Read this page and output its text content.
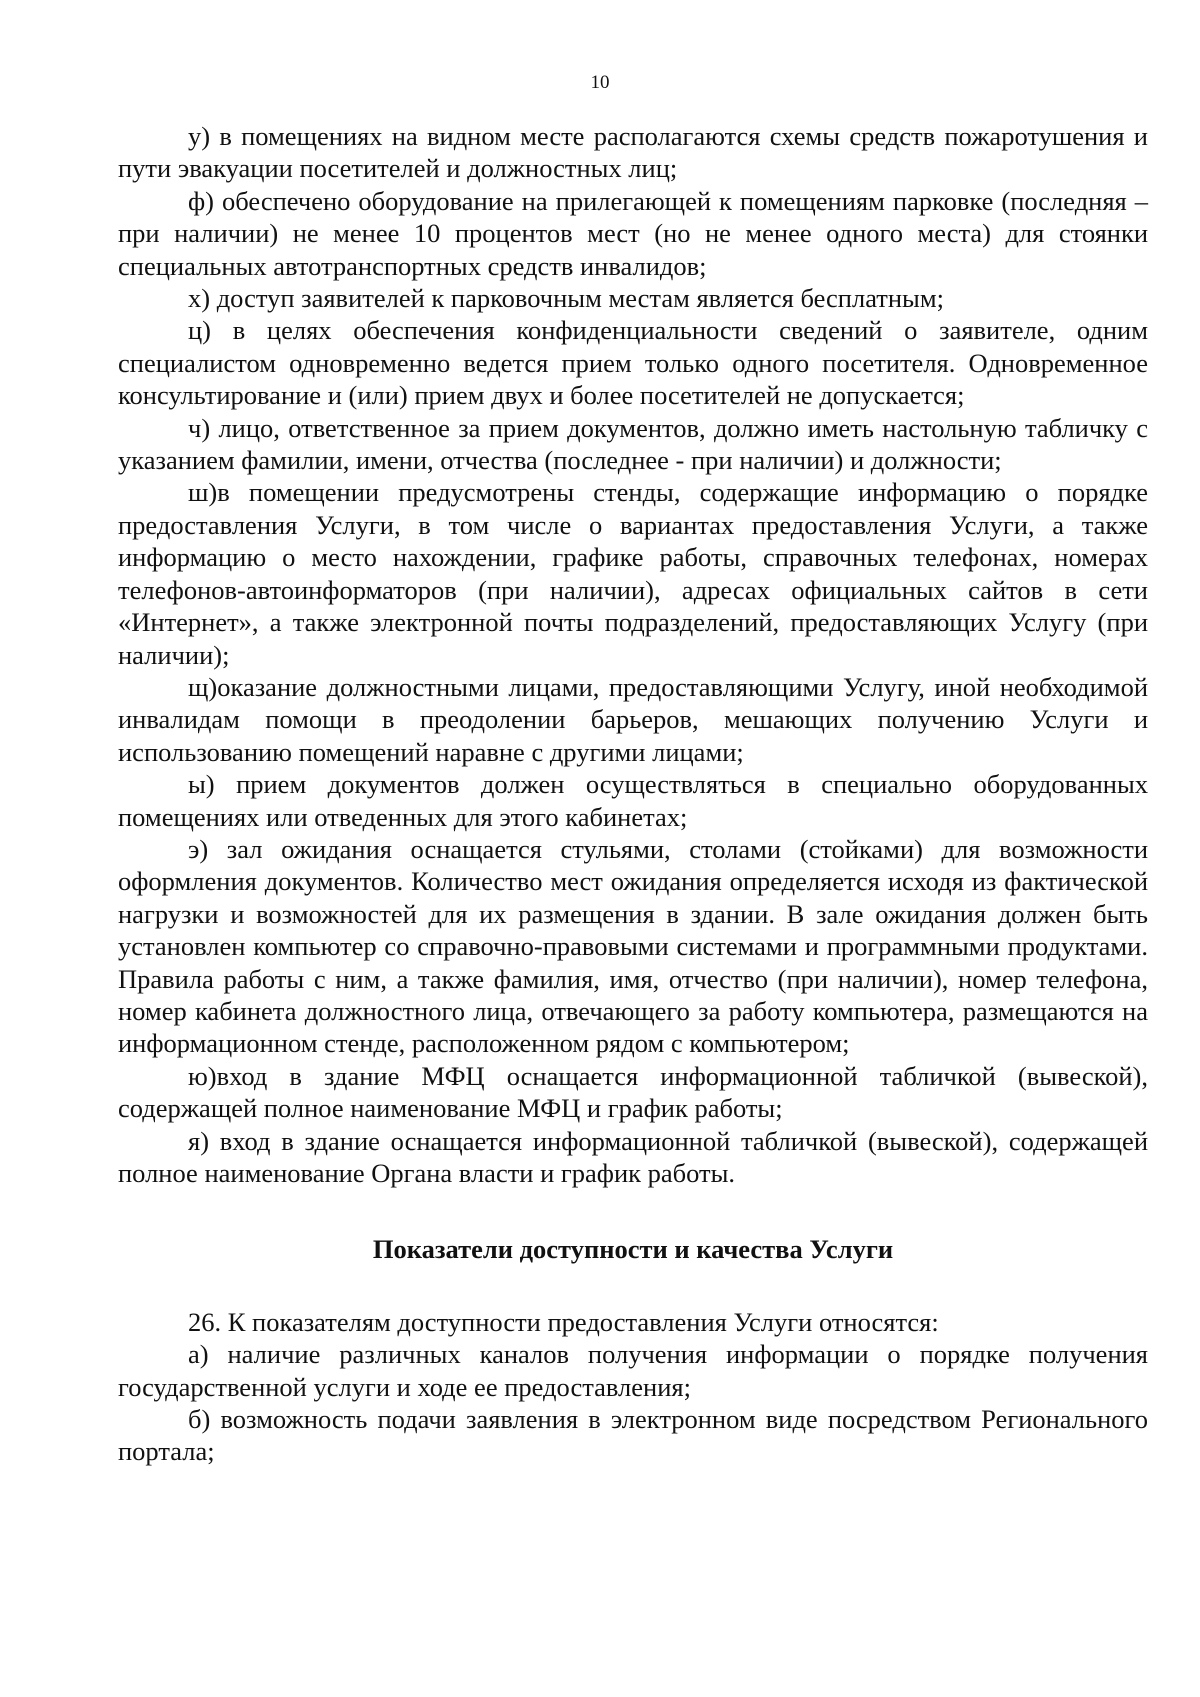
10

у) в помещениях на видном месте располагаются схемы средств пожаротушения и пути эвакуации посетителей и должностных лиц;

ф) обеспечено оборудование на прилегающей к помещениям парковке (последняя – при наличии) не менее 10 процентов мест (но не менее одного места) для стоянки специальных автотранспортных средств инвалидов;

х) доступ заявителей к парковочным местам является бесплатным;

ц) в целях обеспечения конфиденциальности сведений о заявителе, одним специалистом одновременно ведется прием только одного посетителя. Одновременное консультирование и (или) прием двух и более посетителей не допускается;

ч) лицо, ответственное за прием документов, должно иметь настольную табличку с указанием фамилии, имени, отчества (последнее - при наличии) и должности;

ш)в помещении предусмотрены стенды, содержащие информацию о порядке предоставления Услуги, в том числе о вариантах предоставления Услуги, а также информацию о место нахождении, графике работы, справочных телефонах, номерах телефонов-автоинформаторов (при наличии), адресах официальных сайтов в сети «Интернет», а также электронной почты подразделений, предоставляющих Услугу (при наличии);

щ)оказание должностными лицами, предоставляющими Услугу, иной необходимой инвалидам помощи в преодолении барьеров, мешающих получению Услуги и использованию помещений наравне с другими лицами;

ы) прием документов должен осуществляться в специально оборудованных помещениях или отведенных для этого кабинетах;

э) зал ожидания оснащается стульями, столами (стойками) для возможности оформления документов. Количество мест ожидания определяется исходя из фактической нагрузки и возможностей для их размещения в здании. В зале ожидания должен быть установлен компьютер со справочно-правовыми системами и программными продуктами. Правила работы с ним, а также фамилия, имя, отчество (при наличии), номер телефона, номер кабинета должностного лица, отвечающего за работу компьютера, размещаются на информационном стенде, расположенном рядом с компьютером;

ю)вход в здание МФЦ оснащается информационной табличкой (вывеской), содержащей полное наименование МФЦ и график работы;

я) вход в здание оснащается информационной табличкой (вывеской), содержащей полное наименование Органа власти и график работы.

Показатели доступности и качества Услуги

26. К показателям доступности предоставления Услуги относятся:

а) наличие различных каналов получения информации о порядке получения государственной услуги и ходе ее предоставления;

б) возможность подачи заявления в электронном виде посредством Регионального портала;
